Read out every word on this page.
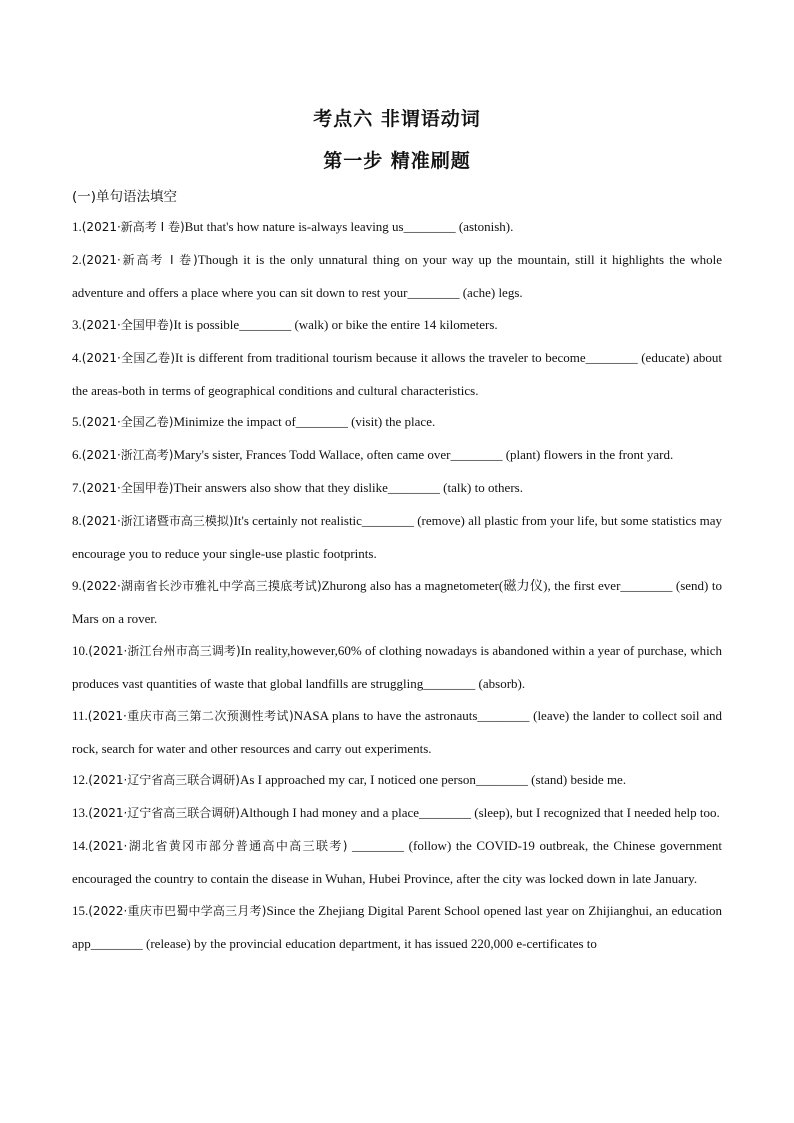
考点六 非谓语动词
第一步 精准刷题
(一)单句语法填空

1.(2021·新高考 I 卷)But that's how nature is-always leaving us________ (astonish).

2.(2021·新高考 I 卷)Though it is the only unnatural thing on your way up the mountain, still it highlights the whole adventure and offers a place where you can sit down to rest your________ (ache) legs.

3.(2021·全国甲卷)It is possible________ (walk) or bike the entire 14 kilometers.

4.(2021·全国乙卷)It is different from traditional tourism because it allows the traveler to become________ (educate) about the areas-both in terms of geographical conditions and cultural characteristics.

5.(2021·全国乙卷)Minimize the impact of________ (visit) the place.

6.(2021·浙江高考)Mary's sister, Frances Todd Wallace, often came over________ (plant) flowers in the front yard.

7.(2021·全国甲卷)Their answers also show that they dislike________ (talk) to others.

8.(2021·浙江诸暨市高三模拟)It's certainly not realistic________ (remove) all plastic from your life, but some statistics may encourage you to reduce your single-use plastic footprints.

9.(2022·湖南省长沙市雅礼中学高三摸底考试)Zhurong also has a magnetometer(磁力仪), the first ever________ (send) to Mars on a rover.

10.(2021·浙江台州市高三调考)In reality,however,60% of clothing nowadays is abandoned within a year of purchase, which produces vast quantities of waste that global landfills are struggling________ (absorb).

11.(2021·重庆市高三第二次预测性考试)NASA plans to have the astronauts________ (leave) the lander to collect soil and rock, search for water and other resources and carry out experiments.

12.(2021·辽宁省高三联合调研)As I approached my car, I noticed one person________ (stand) beside me.

13.(2021·辽宁省高三联合调研)Although I had money and a place________ (sleep), but I recognized that I needed help too.

14.(2021·湖北省黄冈市部分普通高中高三联考) ________ (follow) the COVID-19 outbreak, the Chinese government encouraged the country to contain the disease in Wuhan, Hubei Province, after the city was locked down in late January.

15.(2022·重庆市巴蜀中学高三月考)Since the Zhejiang Digital Parent School opened last year on Zhijianghui, an education app________ (release) by the provincial education department, it has issued 220,000 e-certificates to
